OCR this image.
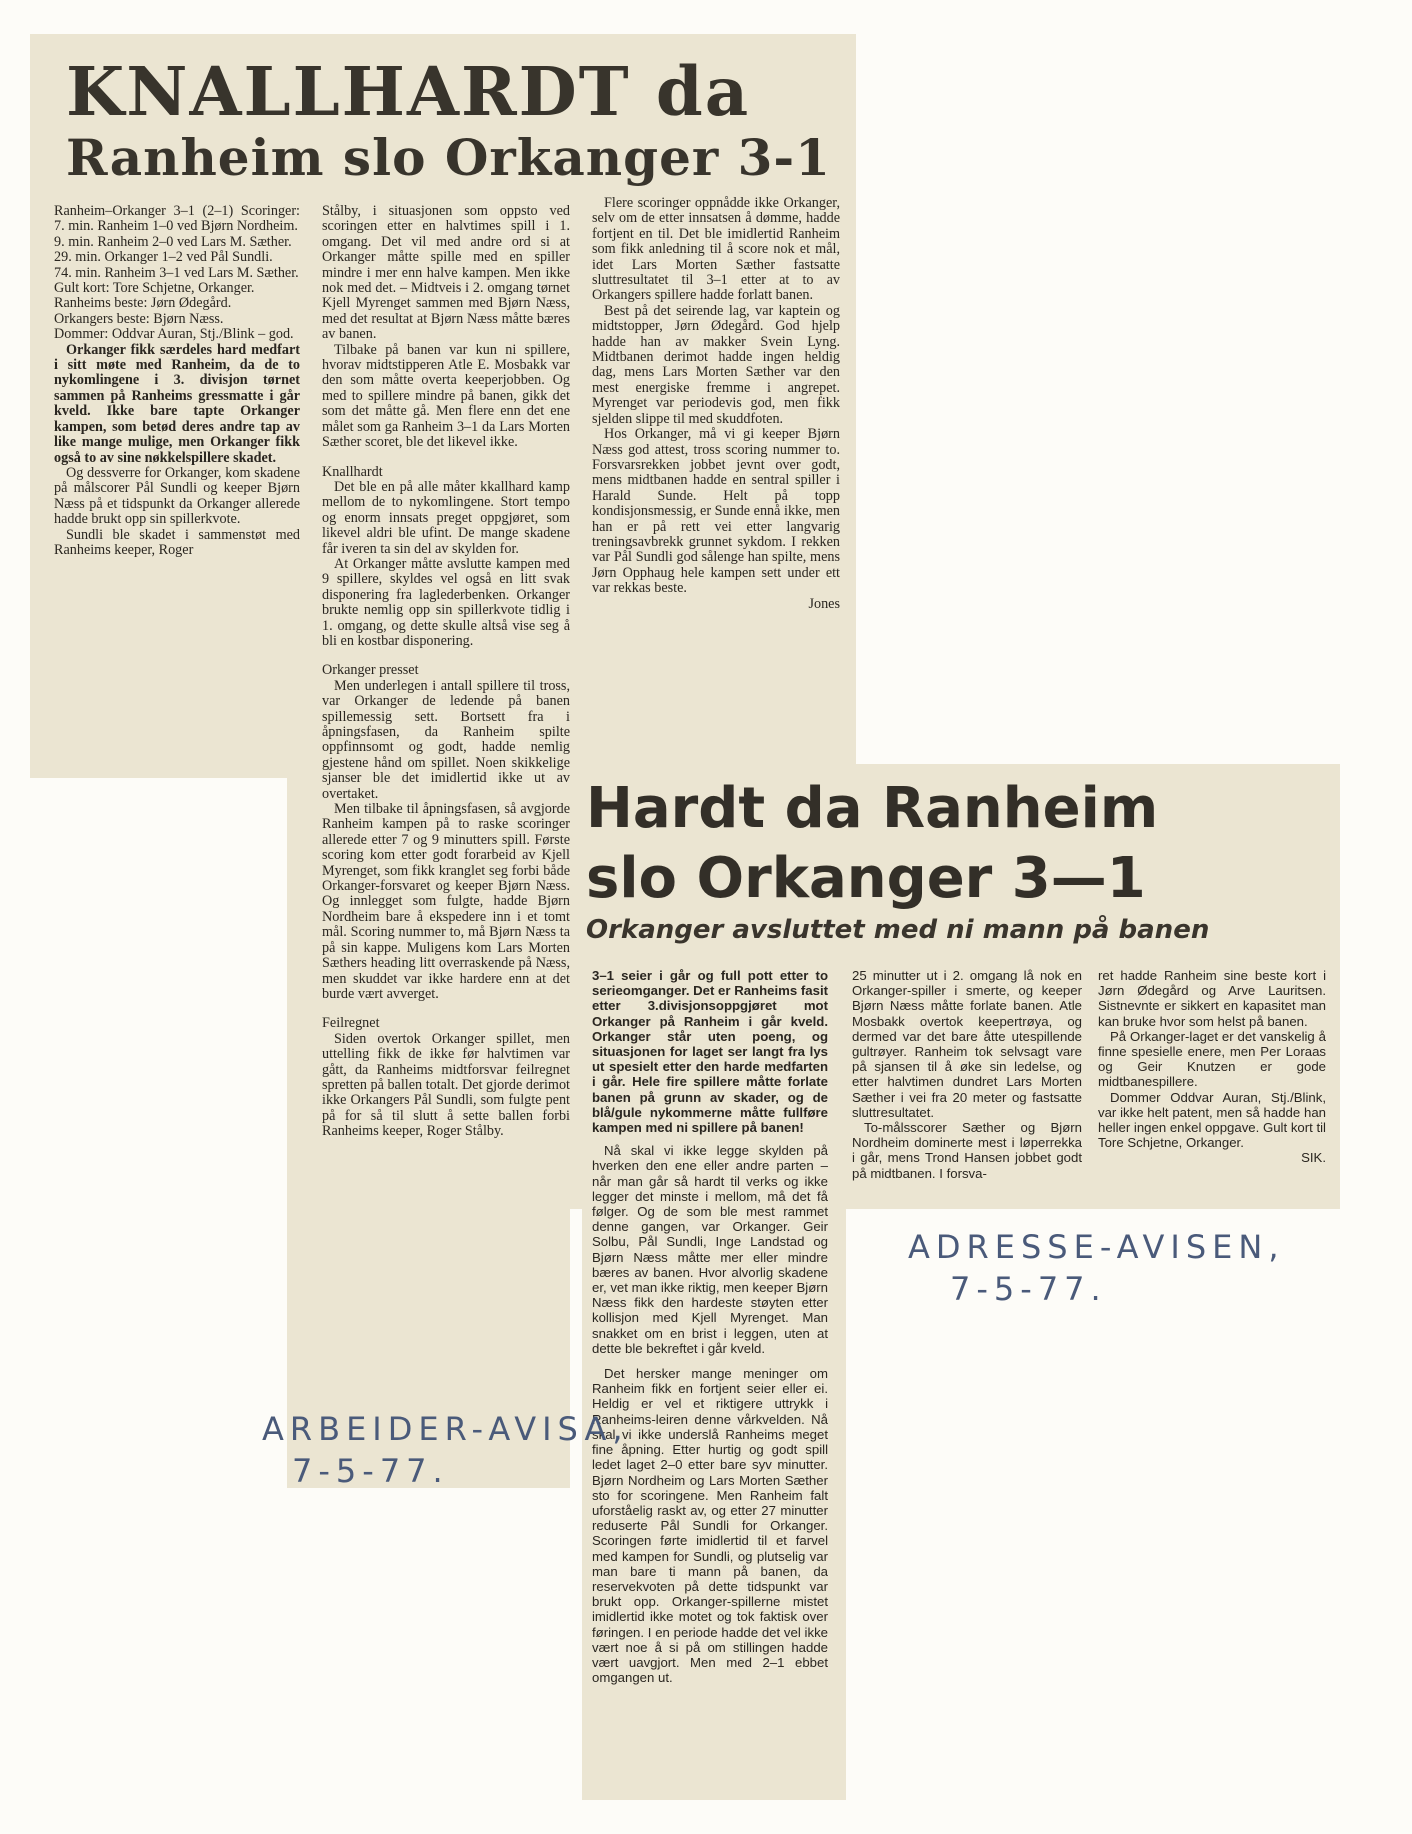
KNALLHARDT da
Ranheim slo Orkanger 3-1

Ranheim–Orkanger 3–1 (2–1) Scoringer: 7. min. Ranheim 1–0 ved Bjørn Nordheim.

9. min. Ranheim 2–0 ved Lars M. Sæther.

29. min. Orkanger 1–2 ved Pål Sundli.

74. min. Ranheim 3–1 ved Lars M. Sæther.

Gult kort: Tore Schjetne, Orkanger.

Ranheims beste: Jørn Ødegård.

Orkangers beste: Bjørn Næss.

Dommer: Oddvar Auran, Stj./Blink – god.

Orkanger fikk særdeles hard medfart i sitt møte med Ranheim, da de to nykomlingene i 3. divisjon tørnet sammen på Ranheims gressmatte i går kveld. Ikke bare tapte Orkanger kampen, som betød deres andre tap av like mange mulige, men Orkanger fikk også to av sine nøkkelspillere skadet.

Og dessverre for Orkanger, kom skadene på målscorer Pål Sundli og keeper Bjørn Næss på et tidspunkt da Orkanger allerede hadde brukt opp sin spillerkvote.

Sundli ble skadet i sammenstøt med Ranheims keeper, Roger

Stålby, i situasjonen som oppsto ved scoringen etter en halvtimes spill i 1. omgang. Det vil med andre ord si at Orkanger måtte spille med en spiller mindre i mer enn halve kampen. Men ikke nok med det. – Midtveis i 2. omgang tørnet Kjell Myrenget sammen med Bjørn Næss, med det resultat at Bjørn Næss måtte bæres av banen.

Tilbake på banen var kun ni spillere, hvorav midtstipperen Atle E. Mosbakk var den som måtte overta keeperjobben. Og med to spillere mindre på banen, gikk det som det måtte gå. Men flere enn det ene målet som ga Ranheim 3–1 da Lars Morten Sæther scoret, ble det likevel ikke.

Knallhardt

Det ble en på alle måter kkallhard kamp mellom de to nykomlingene. Stort tempo og enorm innsats preget oppgjøret, som likevel aldri ble ufint. De mange skadene får iveren ta sin del av skylden for.

At Orkanger måtte avslutte kampen med 9 spillere, skyldes vel også en litt svak disponering fra laglederbenken. Orkanger brukte nemlig opp sin spillerkvote tidlig i 1. omgang, og dette skulle altså vise seg å bli en kostbar disponering.

Orkanger presset

Men underlegen i antall spillere til tross, var Orkanger de ledende på banen spillemessig sett. Bortsett fra i åpningsfasen, da Ranheim spilte oppfinnsomt og godt, hadde nemlig gjestene hånd om spillet. Noen skikkelige sjanser ble det imidlertid ikke ut av overtaket.

Men tilbake til åpningsfasen, så avgjorde Ranheim kampen på to raske scoringer allerede etter 7 og 9 minutters spill. Første scoring kom etter godt forarbeid av Kjell Myrenget, som fikk kranglet seg forbi både Orkanger-forsvaret og keeper Bjørn Næss. Og innlegget som fulgte, hadde Bjørn Nordheim bare å ekspedere inn i et tomt mål. Scoring nummer to, må Bjørn Næss ta på sin kappe. Muligens kom Lars Morten Sæthers heading litt overraskende på Næss, men skuddet var ikke hardere enn at det burde vært avverget.

Feilregnet

Siden overtok Orkanger spillet, men uttelling fikk de ikke før halvtimen var gått, da Ranheims midtforsvar feilregnet spretten på ballen totalt. Det gjorde derimot ikke Orkangers Pål Sundli, som fulgte pent på for så til slutt å sette ballen forbi Ranheims keeper, Roger Stålby.

Flere scoringer oppnådde ikke Orkanger, selv om de etter innsatsen å dømme, hadde fortjent en til. Det ble imidlertid Ranheim som fikk anledning til å score nok et mål, idet Lars Morten Sæther fastsatte sluttresultatet til 3–1 etter at to av Orkangers spillere hadde forlatt banen.

Best på det seirende lag, var kaptein og midtstopper, Jørn Ødegård. God hjelp hadde han av makker Svein Lyng. Midtbanen derimot hadde ingen heldig dag, mens Lars Morten Sæther var den mest energiske fremme i angrepet. Myrenget var periodevis god, men fikk sjelden slippe til med skuddfoten.

Hos Orkanger, må vi gi keeper Bjørn Næss god attest, tross scoring nummer to. Forsvarsrekken jobbet jevnt over godt, mens midtbanen hadde en sentral spiller i Harald Sunde. Helt på topp kondisjonsmessig, er Sunde ennå ikke, men han er på rett vei etter langvarig treningsavbrekk grunnet sykdom. I rekken var Pål Sundli god sålenge han spilte, mens Jørn Opphaug hele kampen sett under ett var rekkas beste.

Jones

Hardt da Ranheim
slo Orkanger 3—1
Orkanger avsluttet med ni mann på banen

3–1 seier i går og full pott etter to serieomganger. Det er Ranheims fasit etter 3.divisjonsoppgjøret mot Orkanger på Ranheim i går kveld. Orkanger står uten poeng, og situasjonen for laget ser langt fra lys ut spesielt etter den harde medfarten i går. Hele fire spillere måtte forlate banen på grunn av skader, og de blå/gule nykommerne måtte fullføre kampen med ni spillere på banen!

Nå skal vi ikke legge skylden på hverken den ene eller andre parten – når man går så hardt til verks og ikke legger det minste i mellom, må det få følger. Og de som ble mest rammet denne gangen, var Orkanger. Geir Solbu, Pål Sundli, Inge Landstad og Bjørn Næss måtte mer eller mindre bæres av banen. Hvor alvorlig skadene er, vet man ikke riktig, men keeper Bjørn Næss fikk den hardeste støyten etter kollisjon med Kjell Myrenget. Man snakket om en brist i leggen, uten at dette ble bekreftet i går kveld.

Det hersker mange meninger om Ranheim fikk en fortjent seier eller ei. Heldig er vel et riktigere uttrykk i Ranheims-leiren denne vårkvelden. Nå skal vi ikke underslå Ranheims meget fine åpning. Etter hurtig og godt spill ledet laget 2–0 etter bare syv minutter. Bjørn Nordheim og Lars Morten Sæther sto for scoringene. Men Ranheim falt uforståelig raskt av, og etter 27 minutter reduserte Pål Sundli for Orkanger. Scoringen førte imidlertid til et farvel med kampen for Sundli, og plutselig var man bare ti mann på banen, da reservekvoten på dette tidspunkt var brukt opp. Orkanger-spillerne mistet imidlertid ikke motet og tok faktisk over føringen. I en periode hadde det vel ikke vært noe å si på om stillingen hadde vært uavgjort. Men med 2–1 ebbet omgangen ut.

25 minutter ut i 2. omgang lå nok en Orkanger-spiller i smerte, og keeper Bjørn Næss måtte forlate banen. Atle Mosbakk overtok keepertrøya, og dermed var det bare åtte utespillende gultrøyer. Ranheim tok selvsagt vare på sjansen til å øke sin ledelse, og etter halvtimen dundret Lars Morten Sæther i vei fra 20 meter og fastsatte sluttresultatet.

To-målsscorer Sæther og Bjørn Nordheim dominerte mest i løperrekka i går, mens Trond Hansen jobbet godt på midtbanen. I forsva-

ret hadde Ranheim sine beste kort i Jørn Ødegård og Arve Lauritsen. Sistnevnte er sikkert en kapasitet man kan bruke hvor som helst på banen.

På Orkanger-laget er det vanskelig å finne spesielle enere, men Per Loraas og Geir Knutzen er gode midtbanespillere.

Dommer Oddvar Auran, Stj./Blink, var ikke helt patent, men så hadde han heller ingen enkel oppgave. Gult kort til Tore Schjetne, Orkanger.

SIK.

ARBEIDER-AVISA,
7-5-77.
ADRESSE-AVISEN,
7-5-77.
